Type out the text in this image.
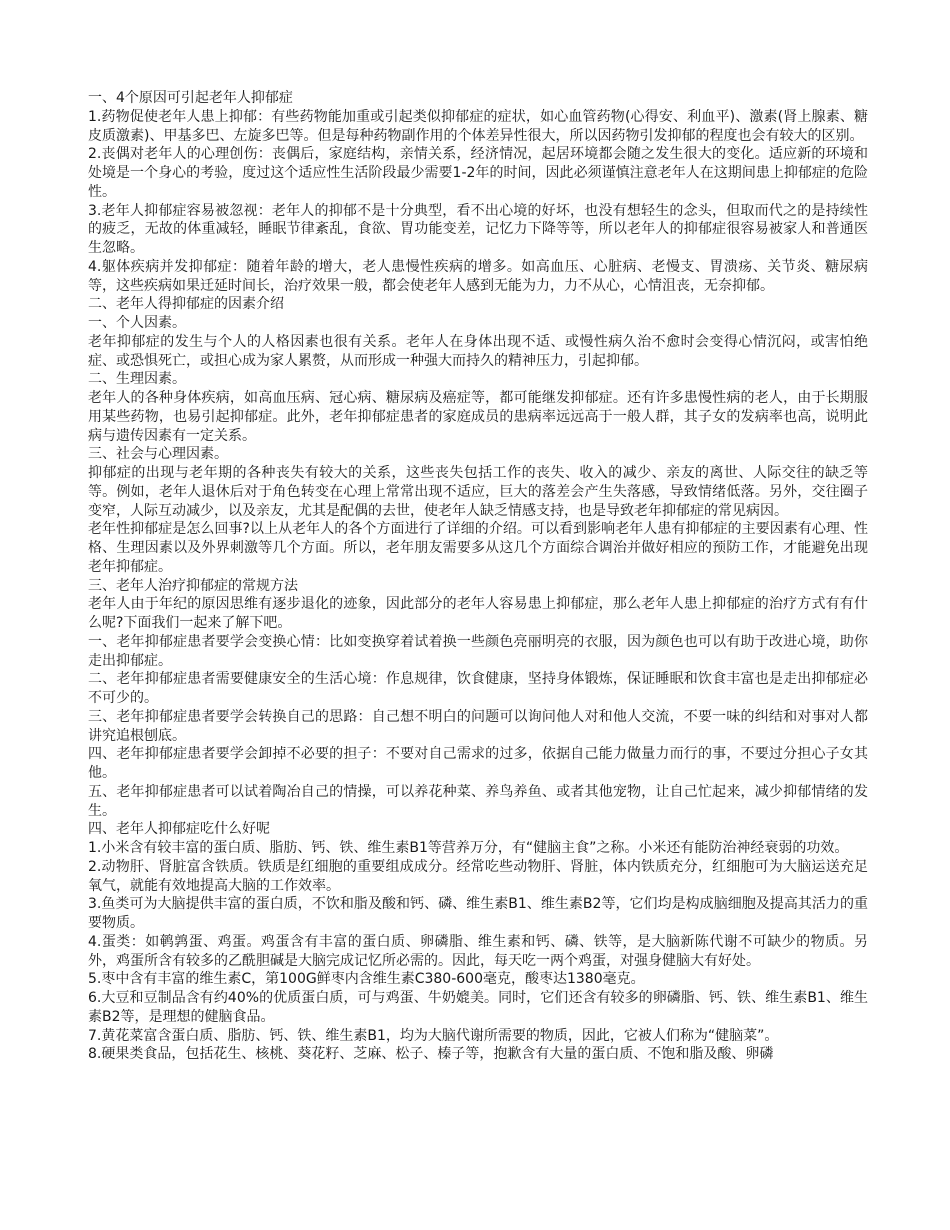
一、4个原因可引起老年人抑郁症

1.药物促使老年人患上抑郁：有些药物能加重或引起类似抑郁症的症状，如心血管药物(心得安、利血平)、激素(肾上腺素、糖皮质激素)、甲基多巴、左旋多巴等。但是每种药物副作用的个体差异性很大，所以因药物引发抑郁的程度也会有较大的区别。

2.丧偶对老年人的心理创伤：丧偶后，家庭结构，亲情关系，经济情况，起居环境都会随之发生很大的变化。适应新的环境和处境是一个身心的考验，度过这个适应性生活阶段最少需要1-2年的时间，因此必须谨慎注意老年人在这期间患上抑郁症的危险性。

3.老年人抑郁症容易被忽视：老年人的抑郁不是十分典型，看不出心境的好坏，也没有想轻生的念头，但取而代之的是持续性的疲乏，无故的体重减轻，睡眠节律紊乱，食欲、胃功能变差，记忆力下降等等，所以老年人的抑郁症很容易被家人和普通医生忽略。

4.躯体疾病并发抑郁症：随着年龄的增大，老人患慢性疾病的增多。如高血压、心脏病、老慢支、胃溃疡、关节炎、糖尿病等，这些疾病如果迁延时间长，治疗效果一般，都会使老年人感到无能为力，力不从心，心情沮丧，无奈抑郁。

二、老年人得抑郁症的因素介绍

一、个人因素。

老年抑郁症的发生与个人的人格因素也很有关系。老年人在身体出现不适、或慢性病久治不愈时会变得心情沉闷，或害怕绝症、或恐惧死亡，或担心成为家人累赘，从而形成一种强大而持久的精神压力，引起抑郁。

二、生理因素。

老年人的各种身体疾病，如高血压病、冠心病、糖尿病及癌症等，都可能继发抑郁症。还有许多患慢性病的老人，由于长期服用某些药物，也易引起抑郁症。此外，老年抑郁症患者的家庭成员的患病率远远高于一般人群，其子女的发病率也高，说明此病与遗传因素有一定关系。

三、社会与心理因素。

抑郁症的出现与老年期的各种丧失有较大的关系，这些丧失包括工作的丧失、收入的减少、亲友的离世、人际交往的缺乏等等。例如，老年人退休后对于角色转变在心理上常常出现不适应，巨大的落差会产生失落感，导致情绪低落。另外，交往圈子变窄，人际互动减少，以及亲友，尤其是配偶的去世，使老年人缺乏情感支持，也是导致老年抑郁症的常见病因。

老年性抑郁症是怎么回事?以上从老年人的各个方面进行了详细的介绍。可以看到影响老年人患有抑郁症的主要因素有心理、性格、生理因素以及外界刺激等几个方面。所以，老年朋友需要多从这几个方面综合调治并做好相应的预防工作，才能避免出现老年抑郁症。

三、老年人治疗抑郁症的常规方法

老年人由于年纪的原因思维有逐步退化的迹象，因此部分的老年人容易患上抑郁症，那么老年人患上抑郁症的治疗方式有有什么呢?下面我们一起来了解下吧。

一、老年抑郁症患者要学会变换心情：比如变换穿着试着换一些颜色亮丽明亮的衣服，因为颜色也可以有助于改进心境，助你走出抑郁症。

二、老年抑郁症患者需要健康安全的生活心境：作息规律，饮食健康，坚持身体锻炼，保证睡眠和饮食丰富也是走出抑郁症必不可少的。

三、老年抑郁症患者要学会转换自己的思路：自己想不明白的问题可以询问他人对和他人交流，不要一味的纠结和对事对人都讲究追根刨底。

四、老年抑郁症患者要学会卸掉不必要的担子：不要对自己需求的过多，依据自己能力做量力而行的事，不要过分担心子女其他。

五、老年抑郁症患者可以试着陶冶自己的情操，可以养花种菜、养鸟养鱼、或者其他宠物，让自己忙起来，减少抑郁情绪的发生。

四、老年人抑郁症吃什么好呢

1.小米含有较丰富的蛋白质、脂肪、钙、铁、维生素B1等营养万分，有“健脑主食”之称。小米还有能防治神经衰弱的功效。

2.动物肝、肾脏富含铁质。铁质是红细胞的重要组成成分。经常吃些动物肝、肾脏，体内铁质充分，红细胞可为大脑运送充足氧气，就能有效地提高大脑的工作效率。

3.鱼类可为大脑提供丰富的蛋白质，不饮和脂及酸和钙、磷、维生素B1、维生素B2等，它们均是构成脑细胞及提高其活力的重要物质。

4.蛋类：如鹌鹑蛋、鸡蛋。鸡蛋含有丰富的蛋白质、卵磷脂、维生素和钙、磷、铁等，是大脑新陈代谢不可缺少的物质。另外，鸡蛋所含有较多的乙酰胆碱是大脑完成记忆所必需的。因此，每天吃一两个鸡蛋，对强身健脑大有好处。

5.枣中含有丰富的维生素C，第100G鲜枣内含维生素C380-600毫克，酸枣达1380毫克。

6.大豆和豆制品含有约40%的优质蛋白质，可与鸡蛋、牛奶媲美。同时，它们还含有较多的卵磷脂、钙、铁、维生素B1、维生素B2等，是理想的健脑食品。

7.黄花菜富含蛋白质、脂肪、钙、铁、维生素B1，均为大脑代谢所需要的物质，因此，它被人们称为“健脑菜”。

8.硬果类食品，包括花生、核桃、葵花籽、芝麻、松子、榛子等，抱歉含有大量的蛋白质、不饱和脂及酸、卵磷
